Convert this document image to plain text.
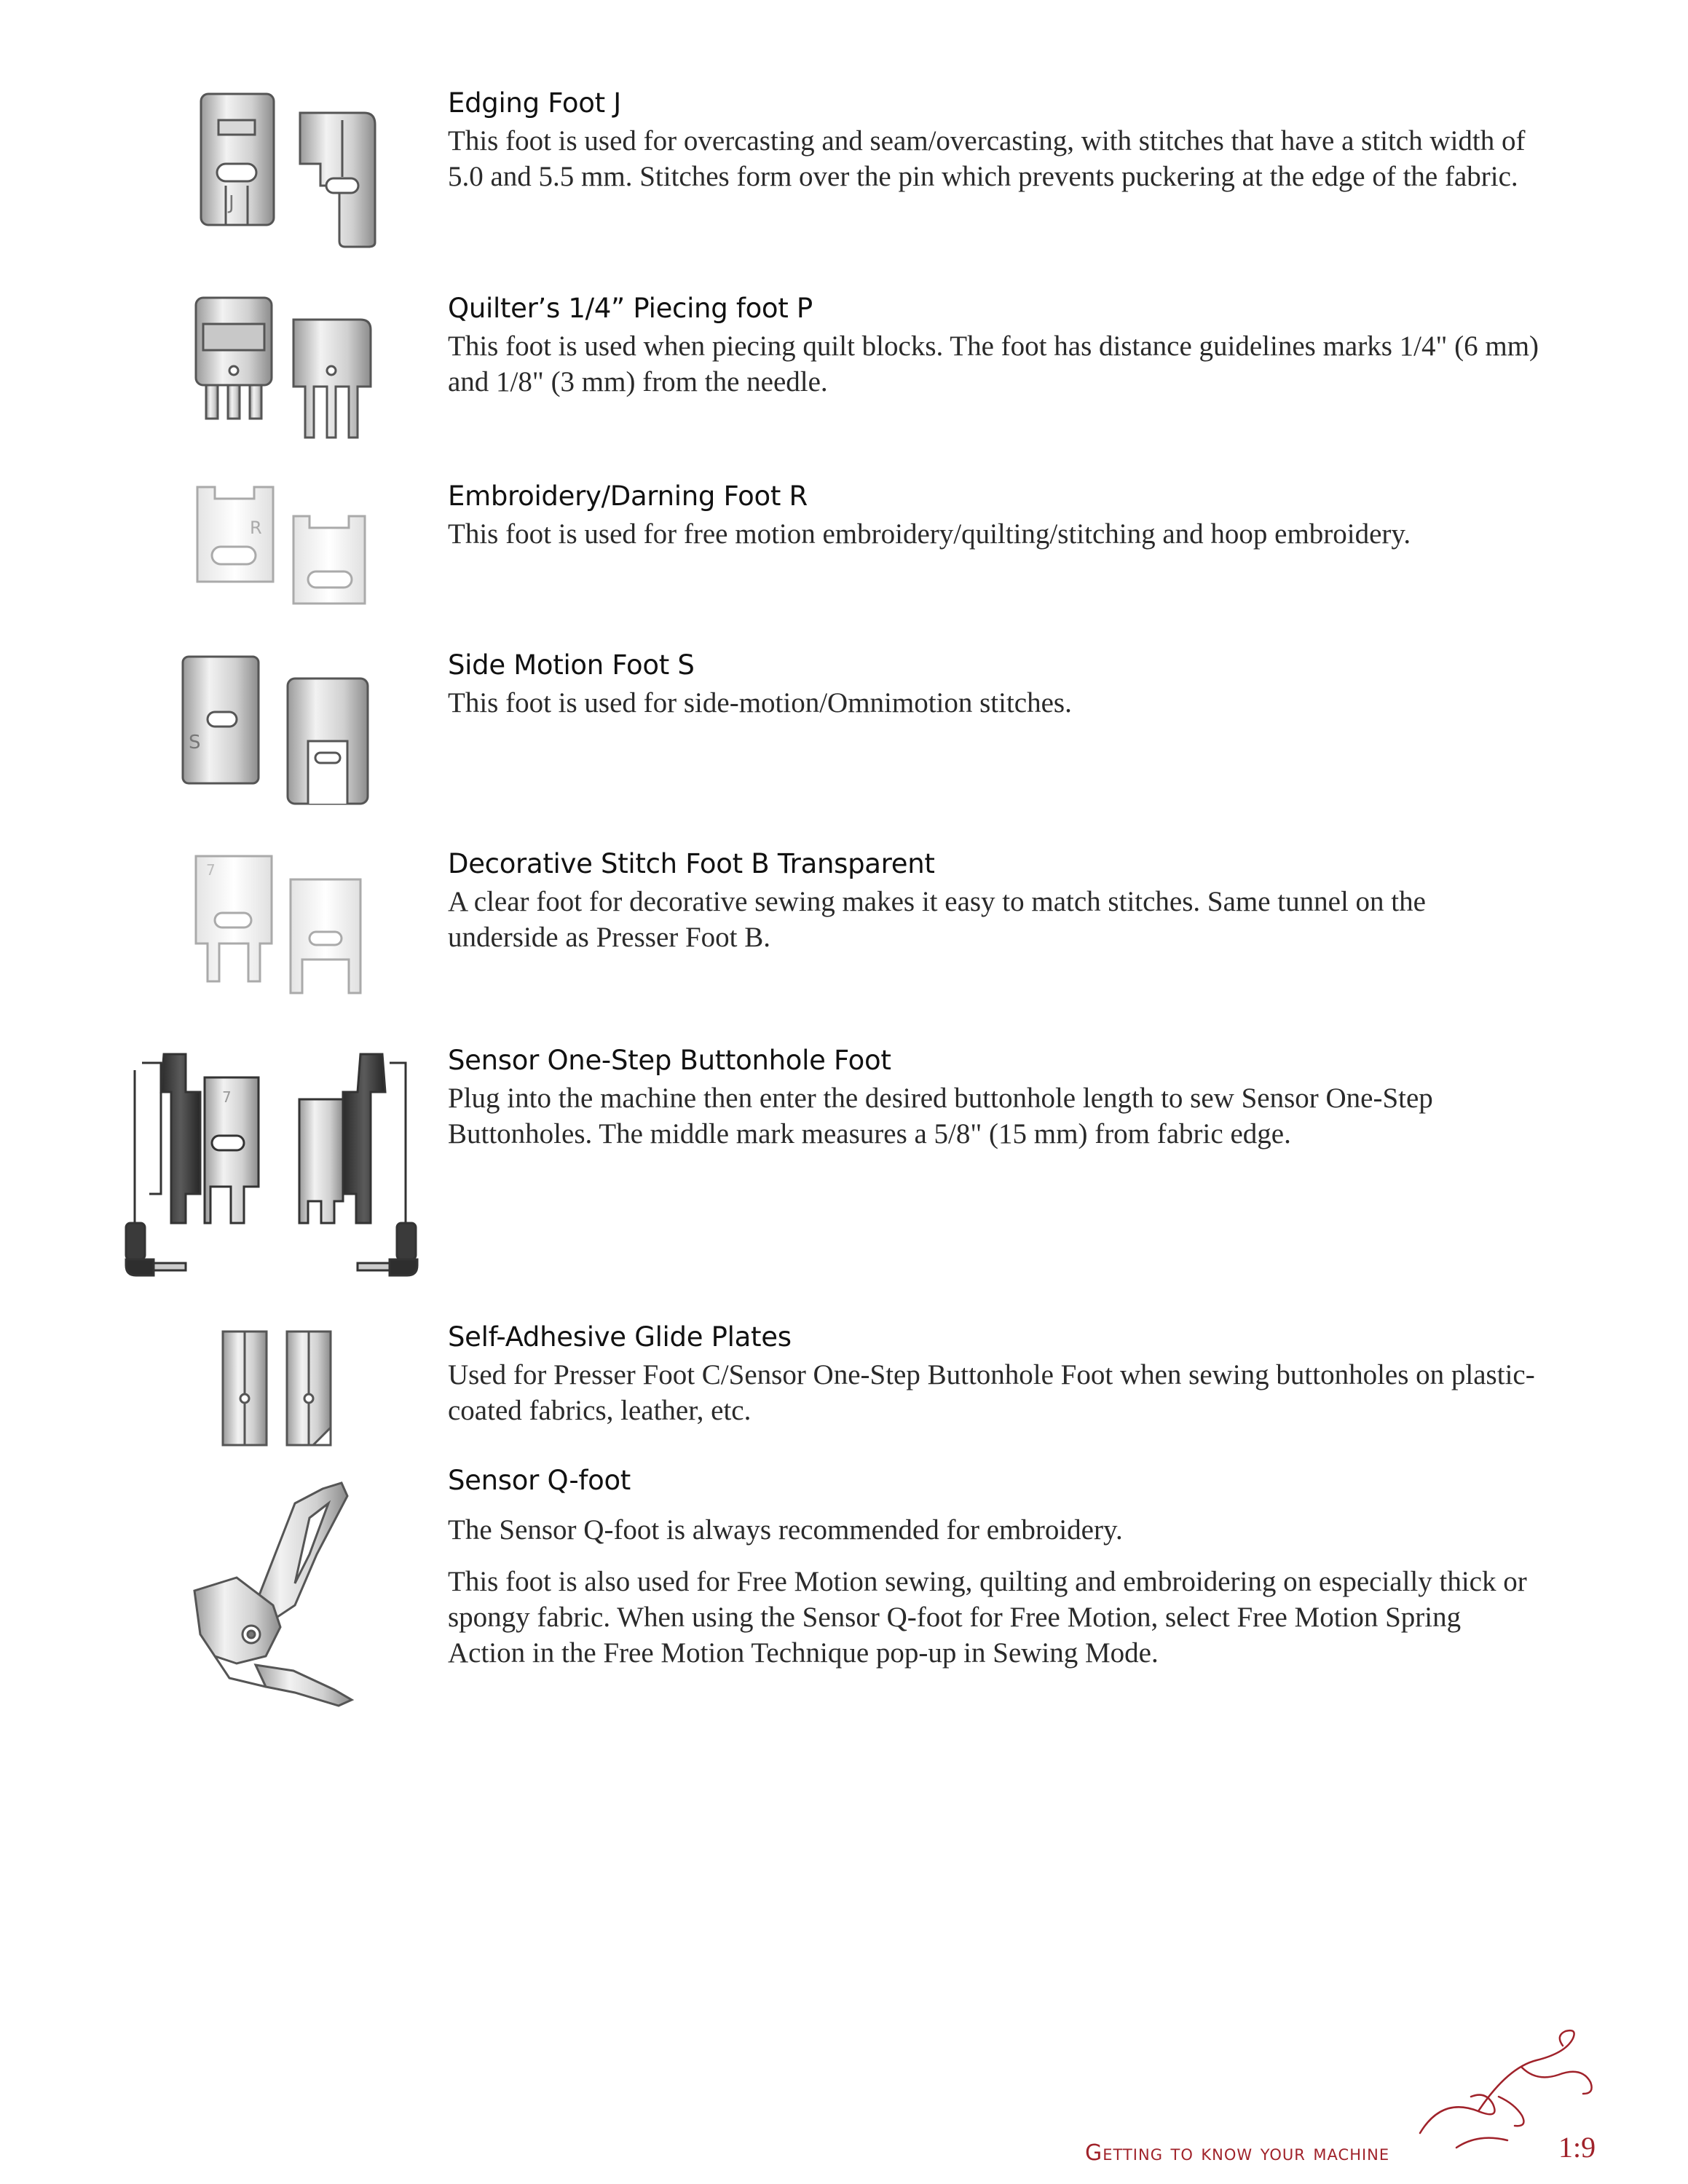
J
Edging Foot J

This foot is used for overcasting and seam/overcasting, with stitches that have a stitch width of 5.0 and 5.5 mm. Stitches form over the pin which prevents puckering at the edge of the fabric.

Quilter’s 1/4” Piecing foot P

This foot is used when piecing quilt blocks. The foot has distance guidelines marks 1/4" (6 mm) and 1/8" (3 mm) from the needle.

R
Embroidery/Darning Foot R

This foot is used for free motion embroidery/quilting/stitching and hoop embroidery.

S
Side Motion Foot S

This foot is used for side-motion/Omnimotion stitches.

7	Decorative Stitch Foot B Transparent

A clear foot for decorative sewing makes it easy to match stitches. Same tunnel on the underside as Presser Foot B.

7
Sensor One-Step Buttonhole Foot

Plug into the machine then enter the desired buttonhole length to sew Sensor One-Step Buttonholes. The middle mark measures a 5/8" (15 mm) from fabric edge.

Self-Adhesive Glide Plates

Used for Presser Foot C/Sensor One-Step Buttonhole Foot when sewing buttonholes on plastic-coated fabrics, leather, etc.

Sensor Q-foot

The Sensor Q-foot is always recommended for embroidery.

This foot is also used for Free Motion sewing, quilting and embroidering on especially thick or spongy fabric. When using the Sensor Q-foot for Free Motion, select Free Motion Spring Action in the Free Motion Technique pop-up in Sewing Mode.

Getting to know your machine	1:9
